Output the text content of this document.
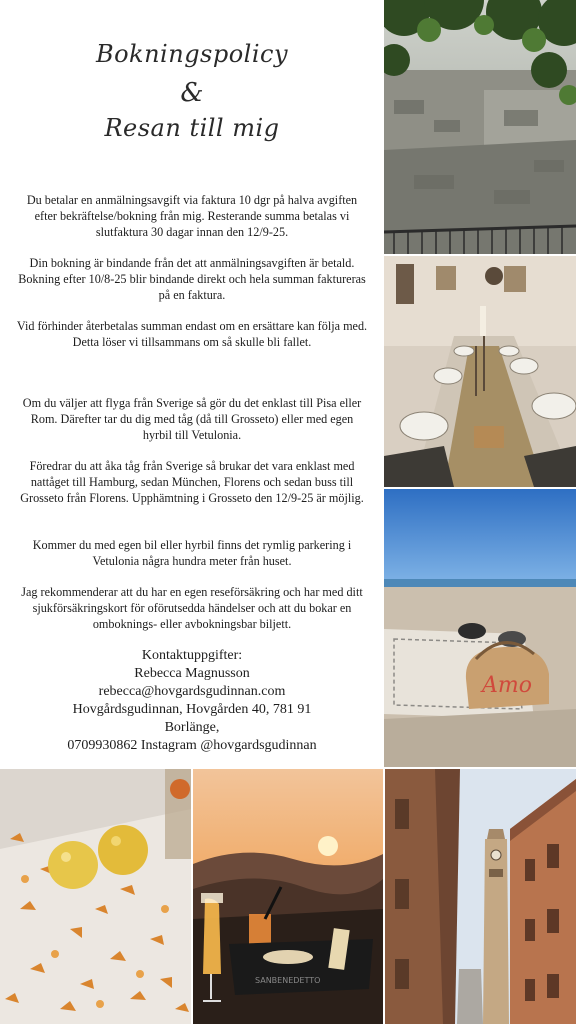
Bokningspolicy
&
Resan till mig
Du betalar en anmälningsavgift via faktura 10 dgr på halva avgiften efter bekräftelse/bokning från mig. Resterande summa betalas vi slutfaktura 30 dagar innan den 12/9-25.
Din bokning är bindande från det att anmälningsavgiften är betald. Bokning efter 10/8-25 blir bindande direkt och hela summan faktureras på en faktura.
Vid förhinder återbetalas summan endast om en ersättare kan följa med. Detta löser vi tillsammans om så skulle bli fallet.
Om du väljer att flyga från Sverige så gör du det enklast till Pisa eller Rom. Därefter tar du dig med tåg (då till Grosseto) eller med egen hyrbil till Vetulonia.
Föredrar du att åka tåg från Sverige så brukar det vara enklast med nattåget till Hamburg, sedan München, Florens och sedan buss till Grosseto från Florens. Upphämtning i Grosseto den 12/9-25 är möjlig.
Kommer du med egen bil eller hyrbil finns det rymlig parkering i Vetulonia några hundra meter från huset.
Jag rekommenderar att du har en egen reseförsäkring och har med ditt sjukförsäkringskort för oförutsedda händelser och att du bokar en omboknings- eller avbokningsbar biljett.
Kontaktuppgifter:
Rebecca Magnusson
rebecca@hovgardsgudinnan.com
Hovgårdsgudinnan, Hovgården 40, 781 91
Borlänge,
0709930862 Instagram @hovgardsgudinnan
Amo
SANBENEDETTO
